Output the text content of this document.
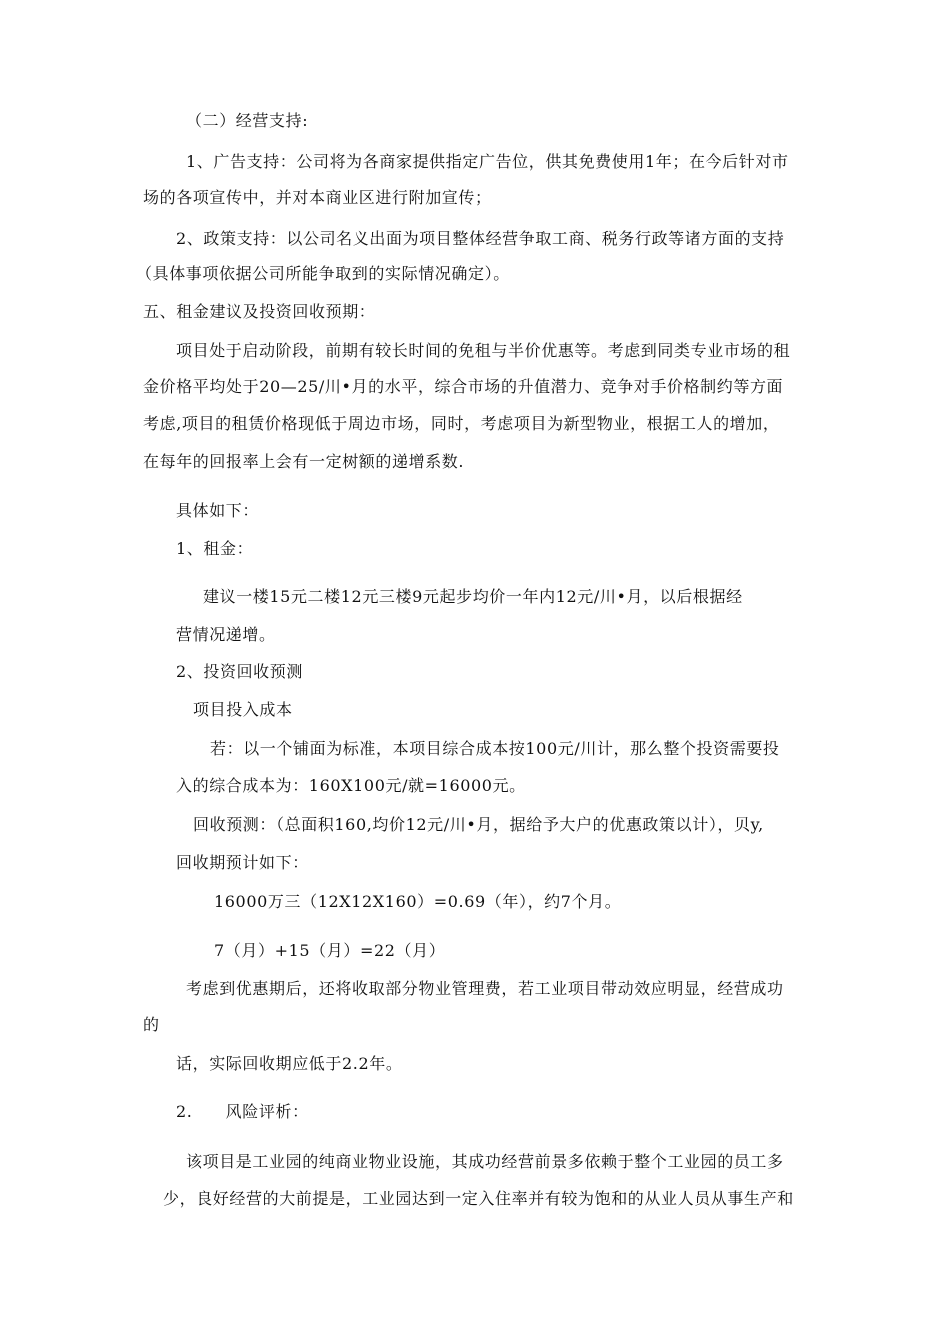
（二）经营支持:
1、广告支持：公司将为各商家提供指定广告位，供其免费使用1年；在今后针对市
场的各项宣传中，并对本商业区进行附加宣传；
2、政策支持：以公司名义出面为项目整体经营争取工商、税务行政等诸方面的支持
（具体事项依据公司所能争取到的实际情况确定）。
五、租金建议及投资回收预期：
项目处于启动阶段，前期有较长时间的免租与半价优惠等。考虑到同类专业市场的租
金价格平均处于20—25/川•月的水平，综合市场的升值潜力、竞争对手价格制约等方面
考虑,项目的租赁价格现低于周边市场，同时，考虑项目为新型物业，根据工人的增加，
在每年的回报率上会有一定树额的递增系数.
具体如下：
1、租金：
建议一楼15元二楼12元三楼9元起步均价一年内12元/川•月，以后根据经
营情况递增。
2、投资回收预测
项目投入成本
若：以一个铺面为标准，本项目综合成本按100元/川计，那么整个投资需要投
入的综合成本为：160X100元/就=16000元。
回收预测：（总面积160,均价12元/川•月，据给予大户的优惠政策以计），贝y,
回收期预计如下：
16000万三（12X12X160）=0.69（年），约7个月。
7（月）+15（月）=22（月）
考虑到优惠期后，还将收取部分物业管理费，若工业项目带动效应明显，经营成功
的
话，实际回收期应低于2.2年。
2.　　风险评析：
该项目是工业园的纯商业物业设施，其成功经营前景多依赖于整个工业园的员工多
少，良好经营的大前提是，工业园达到一定入住率并有较为饱和的从业人员从事生产和
